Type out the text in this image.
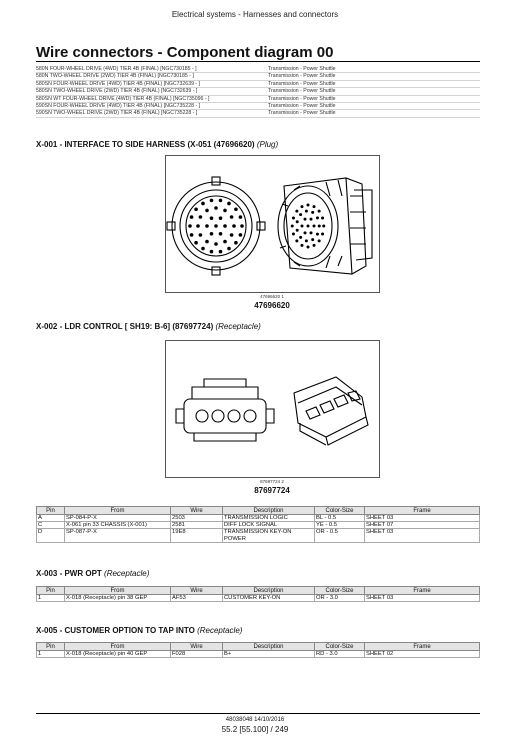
Electrical systems - Harnesses and connectors
Wire connectors - Component diagram 00
580N FOUR-WHEEL DRIVE (4WD) TIER 4B (FINAL) [NGC730185 - ]	Transmission - Power Shuttle
580N TWO-WHEEL DRIVE (2WD) TIER 4B (FINAL) [NGC730185 - ]	Transmission - Power Shuttle
580SN FOUR-WHEEL DRIVE (4WD) TIER 4B (FINAL) [NGC732639 - ]	Transmission - Power Shuttle
580SN TWO-WHEEL DRIVE (2WD) TIER 4B (FINAL) [NGC732639 - ]	Transmission - Power Shuttle
580SN WT FOUR-WHEEL DRIVE (4WD) TIER 4B (FINAL) [NGC735096 - ]	Transmission - Power Shuttle
590SN FOUR-WHEEL DRIVE (4WD) TIER 4B (FINAL) [NGC735228 - ]	Transmission - Power Shuttle
590SN TWO-WHEEL DRIVE (2WD) TIER 4B (FINAL) [NGC735228 - ]	Transmission - Power Shuttle
X-001 - INTERFACE TO SIDE HARNESS (X-051 (47696620) (Plug)
47696620 1
47696620
X-002 - LDR CONTROL [ SH19: B-6] (87697724) (Receptacle)
87697724 2
87697724
Pin	From	Wire	Description	Color-Size	Frame
A	SP-084-P-X	2503	TRANSMISSION LOGIC	BL - 0.5	SHEET 03
C	X-061 pin 33 CHASSIS (X-001)	2581	DIFF LOCK SIGNAL	YE - 0.5	SHEET 07
D	SP-087-P-X	19E8	TRANSMISSION KEY-ON POWER	OR - 0.5	SHEET 03
X-003 - PWR OPT (Receptacle)
Pin	From	Wire	Description	Color-Size	Frame
1	X-018 (Receptacle) pin 38 GEP	AF53	CUSTOMER KEY-ON	OR - 3.0	SHEET 03
X-005 - CUSTOMER OPTION TO TAP INTO (Receptacle)
Pin	From	Wire	Description	Color-Size	Frame
1	X-018 (Receptacle) pin 40 GEP	F028	B+	RD - 3.0	SHEET 02
48038048 14/10/2016
55.2 [55.100] / 249
